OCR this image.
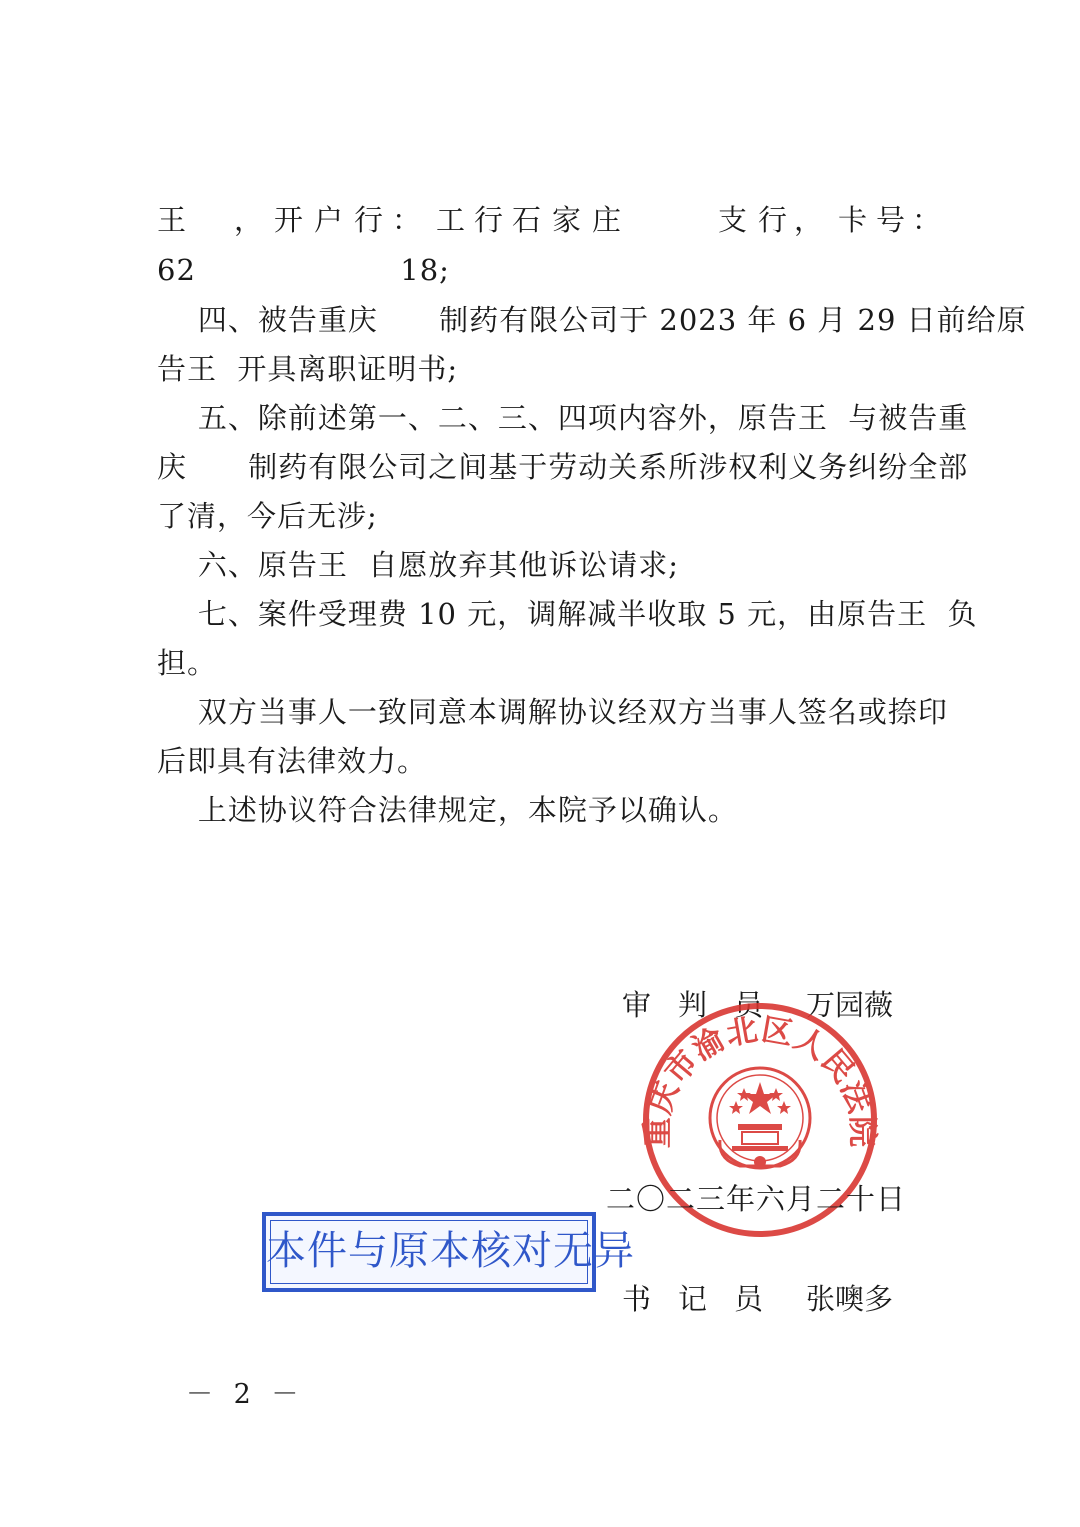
王

，

开

户

行

：

工

行

石

家

庄

	支

行

，

卡

号

：

62                    18;
四、被告重庆      制药有限公司于 2023 年 6 月 29 日前给原
告王  开具离职证明书;
五、除前述第一、二、三、四项内容外，原告王  与被告重
庆      制药有限公司之间基于劳动关系所涉权利义务纠纷全部
了清，今后无涉;
六、原告王  自愿放弃其他诉讼请求;
七、案件受理费 10 元，调解减半收取 5 元，由原告王  负
担。
双方当事人一致同意本调解协议经双方当事人签名或捺印
后即具有法律效力。
上述协议符合法律规定，本院予以确认。

审

判

员

万园薇

重庆市渝北区人民法院
二〇二三年六月二十日
本件与原本核对无异

书

记

员

张噢多

－ 2 －
